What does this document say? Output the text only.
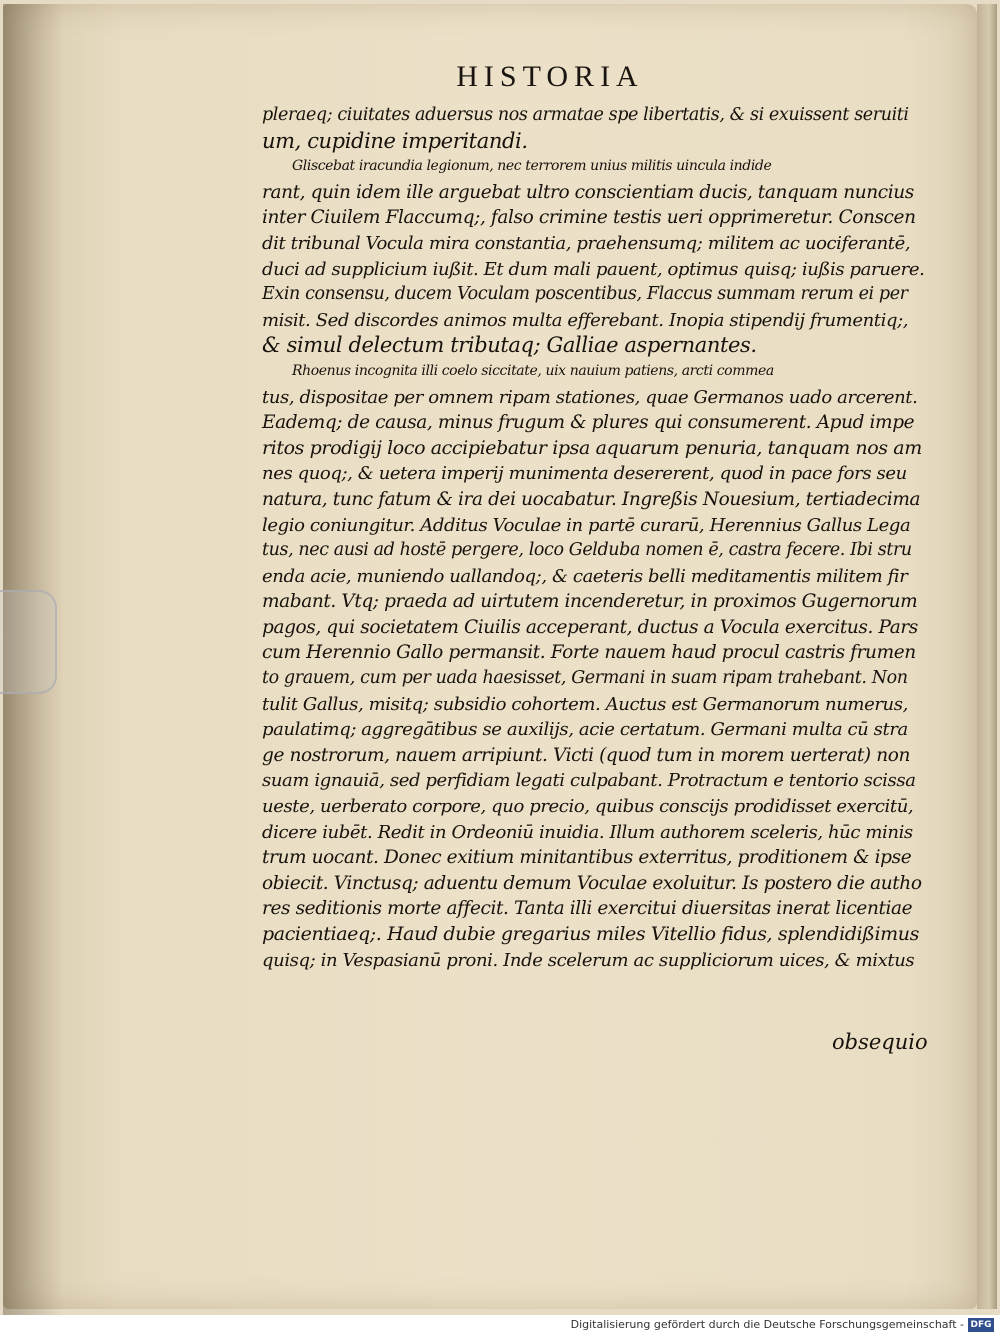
HISTORIA
pleraeq; ciuitates aduersus nos armatae spe libertatis, & si exuissent seruiti
um, cupidine imperitandi.
Gliscebat iracundia legionum, nec terrorem unius militis uincula indide
rant, quin idem ille arguebat ultro conscientiam ducis, tanquam nuncius
inter Ciuilem Flaccumq;, falso crimine testis ueri opprimeretur. Conscen
dit tribunal Vocula mira constantia, praehensumq; militem ac uociferantē,
duci ad supplicium iußit. Et dum mali pauent, optimus quisq; iußis paruere.
Exin consensu, ducem Voculam poscentibus, Flaccus summam rerum ei per
misit. Sed discordes animos multa efferebant. Inopia stipendij frumentiq;,
& simul delectum tributaq; Galliae aspernantes.
Rhoenus incognita illi coelo siccitate, uix nauium patiens, arcti commea
tus, dispositae per omnem ripam stationes, quae Germanos uado arcerent.
Eademq; de causa, minus frugum & plures qui consumerent. Apud impe
ritos prodigij loco accipiebatur ipsa aquarum penuria, tanquam nos am
nes quoq;, & uetera imperij munimenta desererent, quod in pace fors seu
natura, tunc fatum & ira dei uocabatur. Ingreßis Nouesium, tertiadecima
legio coniungitur. Additus Voculae in partē curarū, Herennius Gallus Lega
tus, nec ausi ad hostē pergere, loco Gelduba nomen ē, castra fecere. Ibi stru
enda acie, muniendo uallandoq;, & caeteris belli meditamentis militem fir
mabant. Vtq; praeda ad uirtutem incenderetur, in proximos Gugernorum
pagos, qui societatem Ciuilis acceperant, ductus a Vocula exercitus. Pars
cum Herennio Gallo permansit. Forte nauem haud procul castris frumen
to grauem, cum per uada haesisset, Germani in suam ripam trahebant. Non
tulit Gallus, misitq; subsidio cohortem. Auctus est Germanorum numerus,
paulatimq; aggregātibus se auxilijs, acie certatum. Germani multa cū stra
ge nostrorum, nauem arripiunt. Victi (quod tum in morem uerterat) non
suam ignauiā, sed perfidiam legati culpabant. Protractum e tentorio scissa
ueste, uerberato corpore, quo precio, quibus conscijs prodidisset exercitū,
dicere iubēt. Redit in Ordeoniū inuidia. Illum authorem sceleris, hūc minis
trum uocant. Donec exitium minitantibus exterritus, proditionem & ipse
obiecit. Vinctusq; aduentu demum Voculae exoluitur. Is postero die autho
res seditionis morte affecit. Tanta illi exercitui diuersitas inerat licentiae
pacientiaeq;. Haud dubie gregarius miles Vitellio fidus, splendidißimus
quisq; in Vespasianū proni. Inde scelerum ac suppliciorum uices, & mixtus
obsequio
Digitalisierung gefördert durch die Deutsche Forschungsgemeinschaft - DFG
